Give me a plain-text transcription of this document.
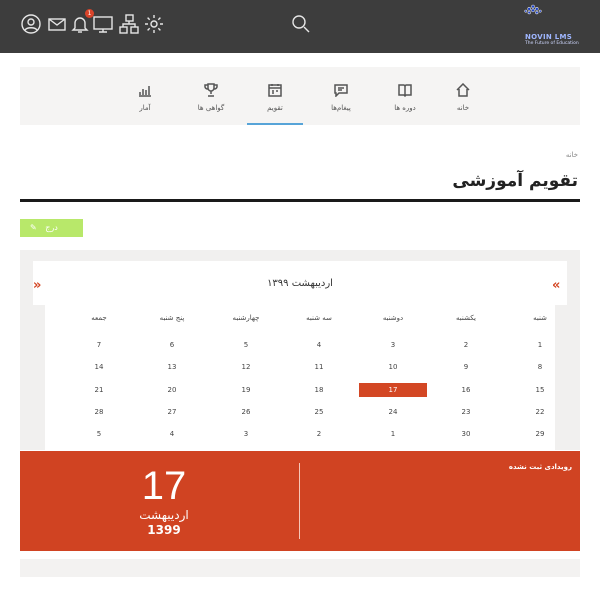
1
NOVIN LMS
The Future of Education
خانه
دوره ها
پیغام‌ها
تقویم
گواهی ها
آمار
خانه
تقویم آموزشی
✎ درج
»	«
اردیبهشت ۱۳۹۹
شنبه
یکشنبه
دوشنبه
سه شنبه
چهارشنبه
پنج شنبه
جمعه
1
2
3
4
5
6
7
8
9
10
11
12
13
14
15
16
17
18
19
20
21
22
23
24
25
26
27
28
29
30
1
2
3
4
5
17
اردیبهشت
1399
رویدادی ثبت نشده
